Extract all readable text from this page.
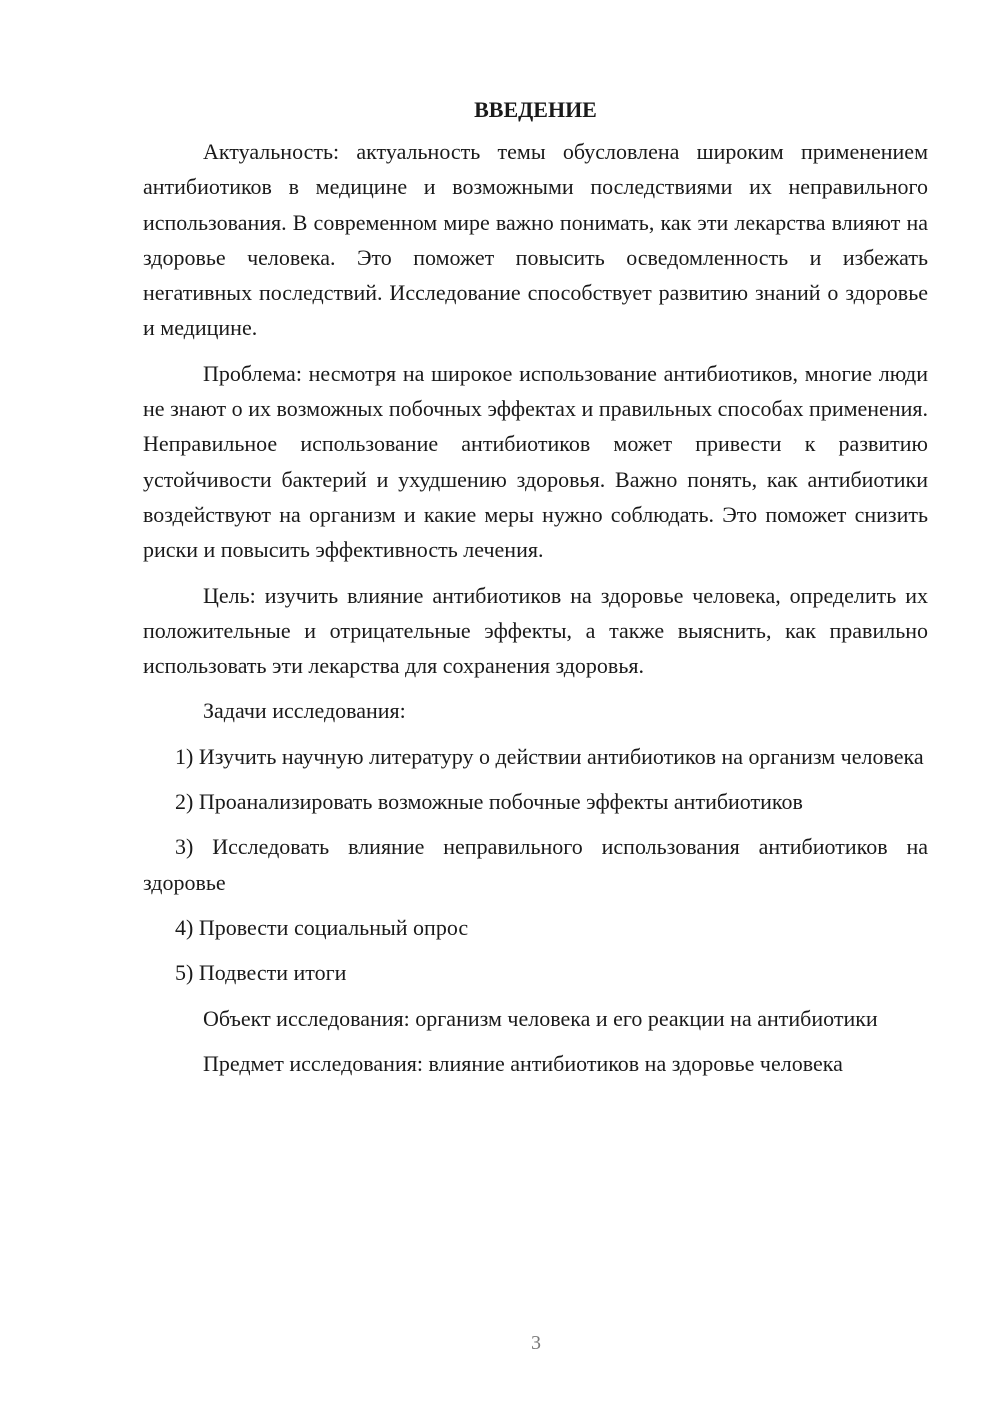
ВВЕДЕНИЕ

Актуальность: актуальность темы обусловлена широким применением антибиотиков в медицине и возможными последствиями их неправильного использования. В современном мире важно понимать, как эти лекарства влияют на здоровье человека. Это поможет повысить осведомленность и избежать негативных последствий. Исследование способствует развитию знаний о здоровье и медицине.

Проблема: несмотря на широкое использование антибиотиков, многие люди не знают о их возможных побочных эффектах и правильных способах применения. Неправильное использование антибиотиков может привести к развитию устойчивости бактерий и ухудшению здоровья. Важно понять, как антибиотики воздействуют на организм и какие меры нужно соблюдать. Это поможет снизить риски и повысить эффективность лечения.

Цель: изучить влияние антибиотиков на здоровье человека, определить их положительные и отрицательные эффекты, а также выяснить, как правильно использовать эти лекарства для сохранения здоровья.

Задачи исследования:

1) Изучить научную литературу о действии антибиотиков на организм человека

2) Проанализировать возможные побочные эффекты антибиотиков

3) Исследовать влияние неправильного использования антибиотиков на здоровье

4) Провести социальный опрос

5) Подвести итоги

Объект исследования: организм человека и его реакции на антибиотики

Предмет исследования: влияние антибиотиков на здоровье человека

3
